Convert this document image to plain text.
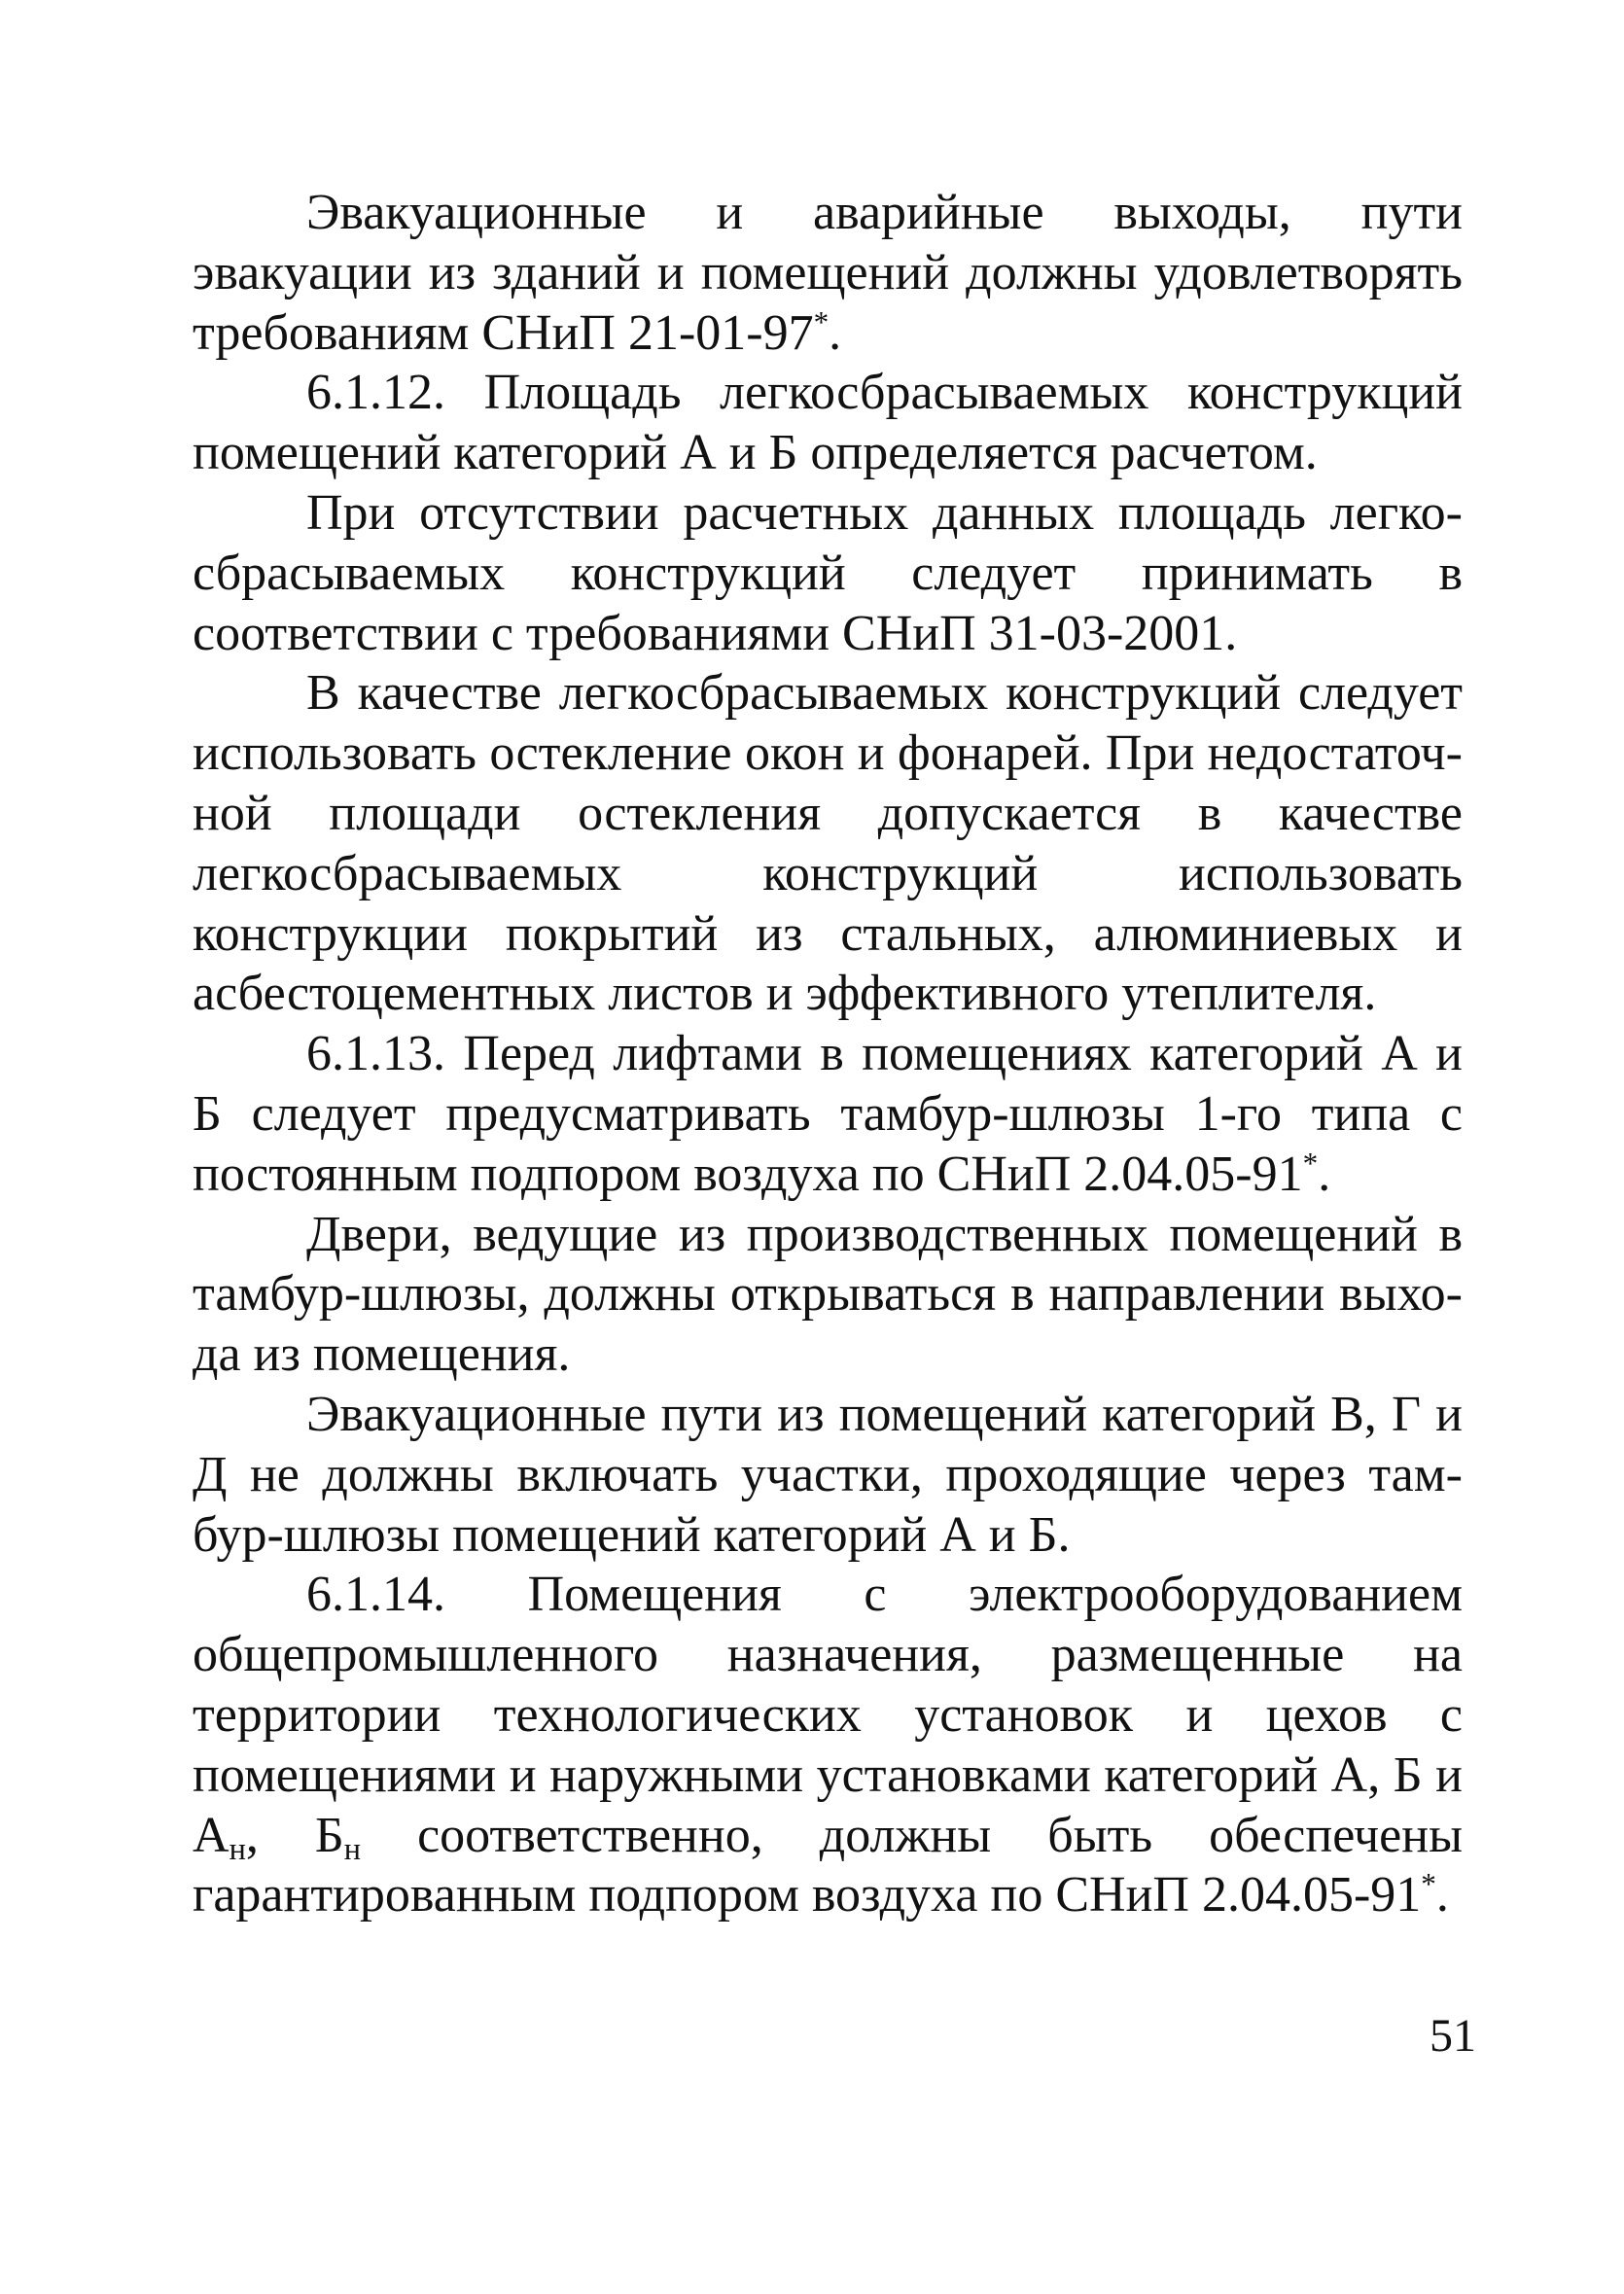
Эвакуационные и аварийные выходы, пути эвакуации из зданий и помещений должны удовлетворять требованиям СНиП 21-01-97*.

6.1.12. Площадь легкосбрасываемых конструкций помещений категорий А и Б определяется расчетом.

При отсутствии расчетных данных площадь легкосбрасываемых конструкций следует принимать в соответствии с требованиями СНиП 31-03-2001.

В качестве легкосбрасываемых конструкций следует использовать остекление окон и фонарей. При недостаточной площади остекления допускается в качестве легкосбрасываемых конструкций использовать конструкции покрытий из стальных, алюминиевых и асбестоцементных листов и эффективного утеплителя.

6.1.13. Перед лифтами в помещениях категорий А и Б следует предусматривать тамбур-шлюзы 1-го типа с постоянным подпором воздуха по СНиП 2.04.05-91*.

Двери, ведущие из производственных помещений в тамбур-шлюзы, должны открываться в направлении выхода из помещения.

Эвакуационные пути из помещений категорий В, Г и Д не должны включать участки, проходящие через тамбур-шлюзы помещений категорий А и Б.

6.1.14. Помещения с электрооборудованием общепромышленного назначения, размещенные на территории технологических установок и цехов с помещениями и наружными установками категорий А, Б и $А_н$, $Б_н$ соответственно, должны быть обеспечены гарантированным подпором воздуха по СНиП 2.04.05-91*.

51
